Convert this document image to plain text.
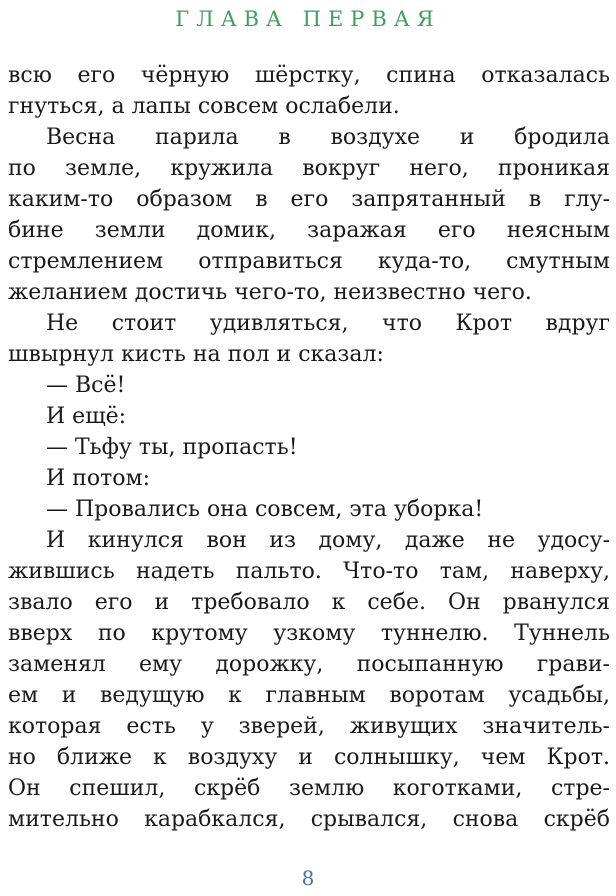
ГЛАВА ПЕРВАЯ
всю его чёрную шёрстку, спина отказалась
гнуться, а лапы совсем ослабели.
Весна парила в воздухе и бродила
по земле, кружила вокруг него, проникая
каким-то образом в его запрятанный в глу-
бине земли домик, заражая его неясным
стремлением отправиться куда-то, смутным
желанием достичь чего-то, неизвестно чего.
Не стоит удивляться, что Крот вдруг
швырнул кисть на пол и сказал:
— Всё!
И ещё:
— Тьфу ты, пропасть!
И потом:
— Провались она совсем, эта уборка!
И кинулся вон из дому, даже не удосу-
жившись надеть пальто. Что-то там, наверху,
звало его и требовало к себе. Он рванулся
вверх по крутому узкому туннелю. Туннель
заменял ему дорожку, посыпанную грави-
ем и ведущую к главным воротам усадьбы,
которая есть у зверей, живущих значитель-
но ближе к воздуху и солнышку, чем Крот.
Он спешил, скрёб землю коготками, стре-
мительно карабкался, срывался, снова скрёб
8
